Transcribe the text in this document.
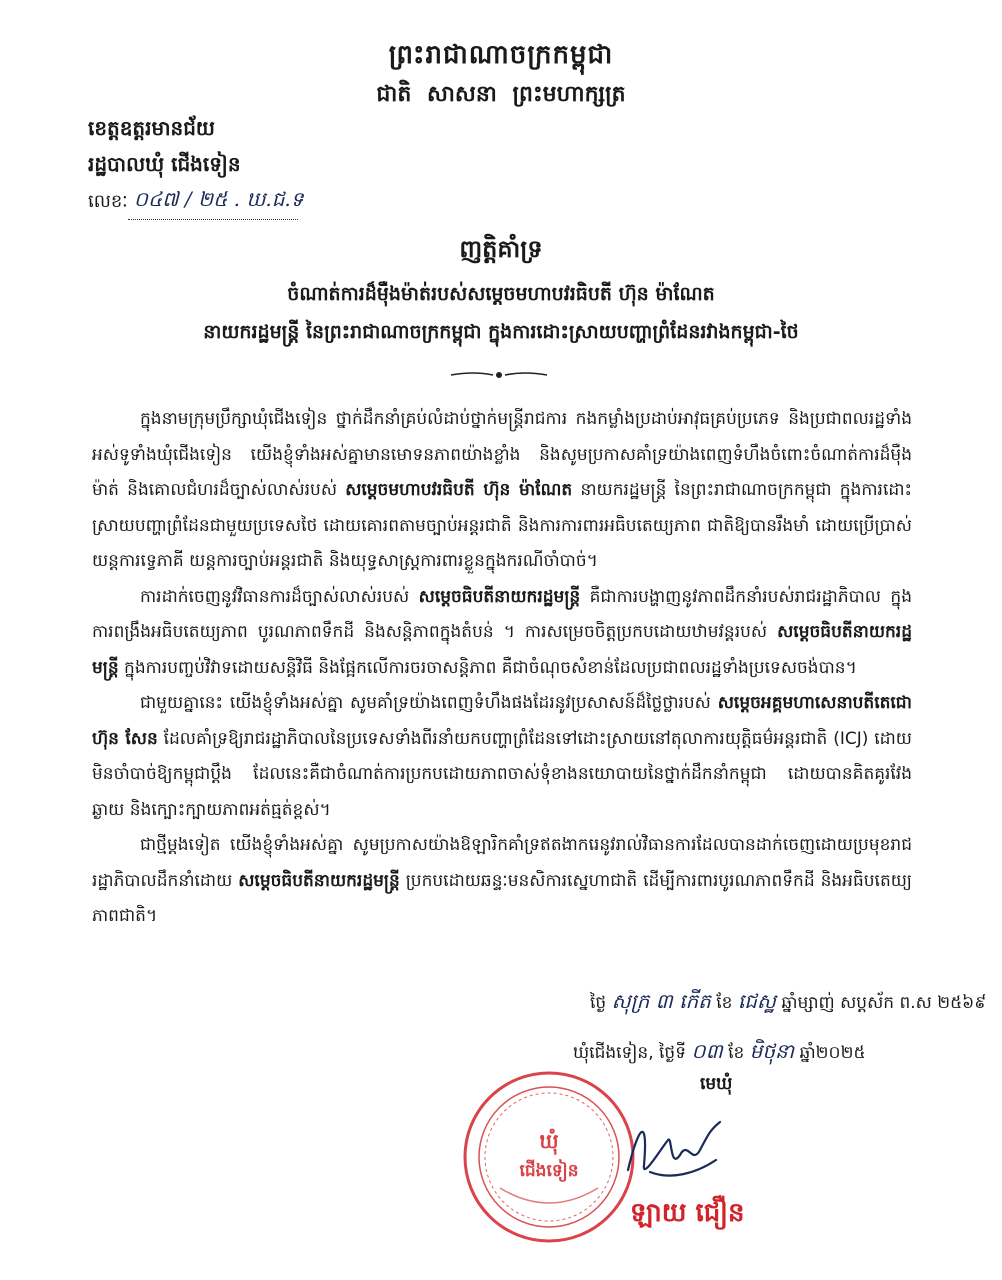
ព្រះរាជាណាចក្រកម្ពុជា
ជាតិ សាសនា ព្រះមហាក្សត្រ
ខេត្តឧត្តរមានជ័យ
រដ្ឋបាលឃុំ ជើងទៀន
លេខៈ ០៤៧ / ២៥ . ឃ.ជ.ទ
ញត្តិគាំទ្រ
ចំណាត់ការដ៏ម៉ឺងម៉ាត់របស់សម្តេចមហាបវរធិបតី ហ៊ុន ម៉ាណែត
នាយករដ្ឋមន្ត្រី នៃព្រះរាជាណាចក្រកម្ពុជា ក្នុងការដោះស្រាយបញ្ហាព្រំដែនរវាងកម្ពុជា-ថៃ

ក្នុងនាមក្រុមប្រឹក្សាឃុំជើងទៀន ថ្នាក់ដឹកនាំគ្រប់លំដាប់ថ្នាក់មន្ត្រីរាជការ កងកម្លាំងប្រដាប់អាវុធគ្រប់ប្រភេទ និងប្រជាពលរដ្ឋទាំងអស់ទូទាំងឃុំជើងទៀន យើងខ្ញុំទាំងអស់គ្នាមានមោទនភាពយ៉ាងខ្លាំង និងសូមប្រកាសគាំទ្រយ៉ាងពេញទំហឹងចំពោះចំណាត់ការដ៏ម៉ឺងម៉ាត់ និងគោលជំហរដ៏ច្បាស់លាស់របស់ សម្តេចមហាបវរធិបតី ហ៊ុន ម៉ាណែត នាយករដ្ឋមន្ត្រី នៃព្រះរាជាណាចក្រកម្ពុជា ក្នុងការដោះស្រាយបញ្ហាព្រំដែនជាមួយប្រទេសថៃ ដោយគោរពតាមច្បាប់អន្តរជាតិ និងការការពារអធិបតេយ្យភាព ជាតិឱ្យបានរឹងមាំ ដោយប្រើប្រាស់យន្តការទ្វេភាគី យន្តការច្បាប់អន្តរជាតិ និងយុទ្ធសាស្ត្រការពារខ្លួនក្នុងករណីចាំបាច់។

ការដាក់ចេញនូវវិធានការដ៏ច្បាស់លាស់របស់ សម្តេចធិបតីនាយករដ្ឋមន្ត្រី គឺជាការបង្ហាញនូវភាពដឹកនាំរបស់រាជរដ្ឋាភិបាល ក្នុងការពង្រឹងអធិបតេយ្យភាព បូរណភាពទឹកដី និងសន្តិភាពក្នុងតំបន់ ។ ការសម្រេចចិត្តប្រកបដោយឋាមវន្តរបស់ សម្តេចធិបតីនាយករដ្ឋមន្ត្រី ក្នុងការបញ្ចប់វិវាទដោយសន្តិវិធី និងផ្អែកលើការចរចាសន្តិភាព គឺជាចំណុចសំខាន់ដែលប្រជាពលរដ្ឋទាំងប្រទេសចង់បាន។

ជាមួយគ្នានេះ យើងខ្ញុំទាំងអស់គ្នា សូមគាំទ្រយ៉ាងពេញទំហឹងផងដែរនូវប្រសាសន៍ដ៏ថ្លៃថ្លារបស់ សម្តេចអគ្គមហាសេនាបតីតេជោ ហ៊ុន សែន ដែលគាំទ្រឱ្យរាជរដ្ឋាភិបាលនៃប្រទេសទាំងពីរនាំយកបញ្ហាព្រំដែនទៅដោះស្រាយនៅតុលាការយុត្តិធម៌អន្តរជាតិ (ICJ) ដោយមិនចាំបាច់ឱ្យកម្ពុជាប្តឹង ដែលនេះគឺជាចំណាត់ការប្រកបដោយភាពចាស់ទុំខាងនយោបាយនៃថ្នាក់ដឹកនាំកម្ពុជា ដោយបានគិតគូរវែងឆ្ងាយ និងក្បោះក្បាយភាពអត់ធ្មត់ខ្ពស់។

ជាថ្មីម្តងទៀត យើងខ្ញុំទាំងអស់គ្នា សូមប្រកាសយ៉ាងឱឡារិកគាំទ្រឥតងាករេនូវរាល់វិធានការដែលបានដាក់ចេញដោយប្រមុខរាជរដ្ឋាភិបាលដឹកនាំដោយ សម្តេចធិបតីនាយករដ្ឋមន្ត្រី ប្រកបដោយឆន្ទៈមនសិការស្នេហាជាតិ ដើម្បីការពារបូរណភាពទឹកដី និងអធិបតេយ្យភាពជាតិ។

ថ្ងៃ សុក្រ ៣ កើត ខែ ជេស្ឋ ឆ្នាំម្សាញ់ សប្តស័ក ព.ស ២៥៦៩
ឃុំជើងទៀន, ថ្ងៃទី ០៣ ខែ មិថុនា ឆ្នាំ២០២៥
មេឃុំ
ឃុំ
ជើងទៀន
ឡាយ ជឿន
